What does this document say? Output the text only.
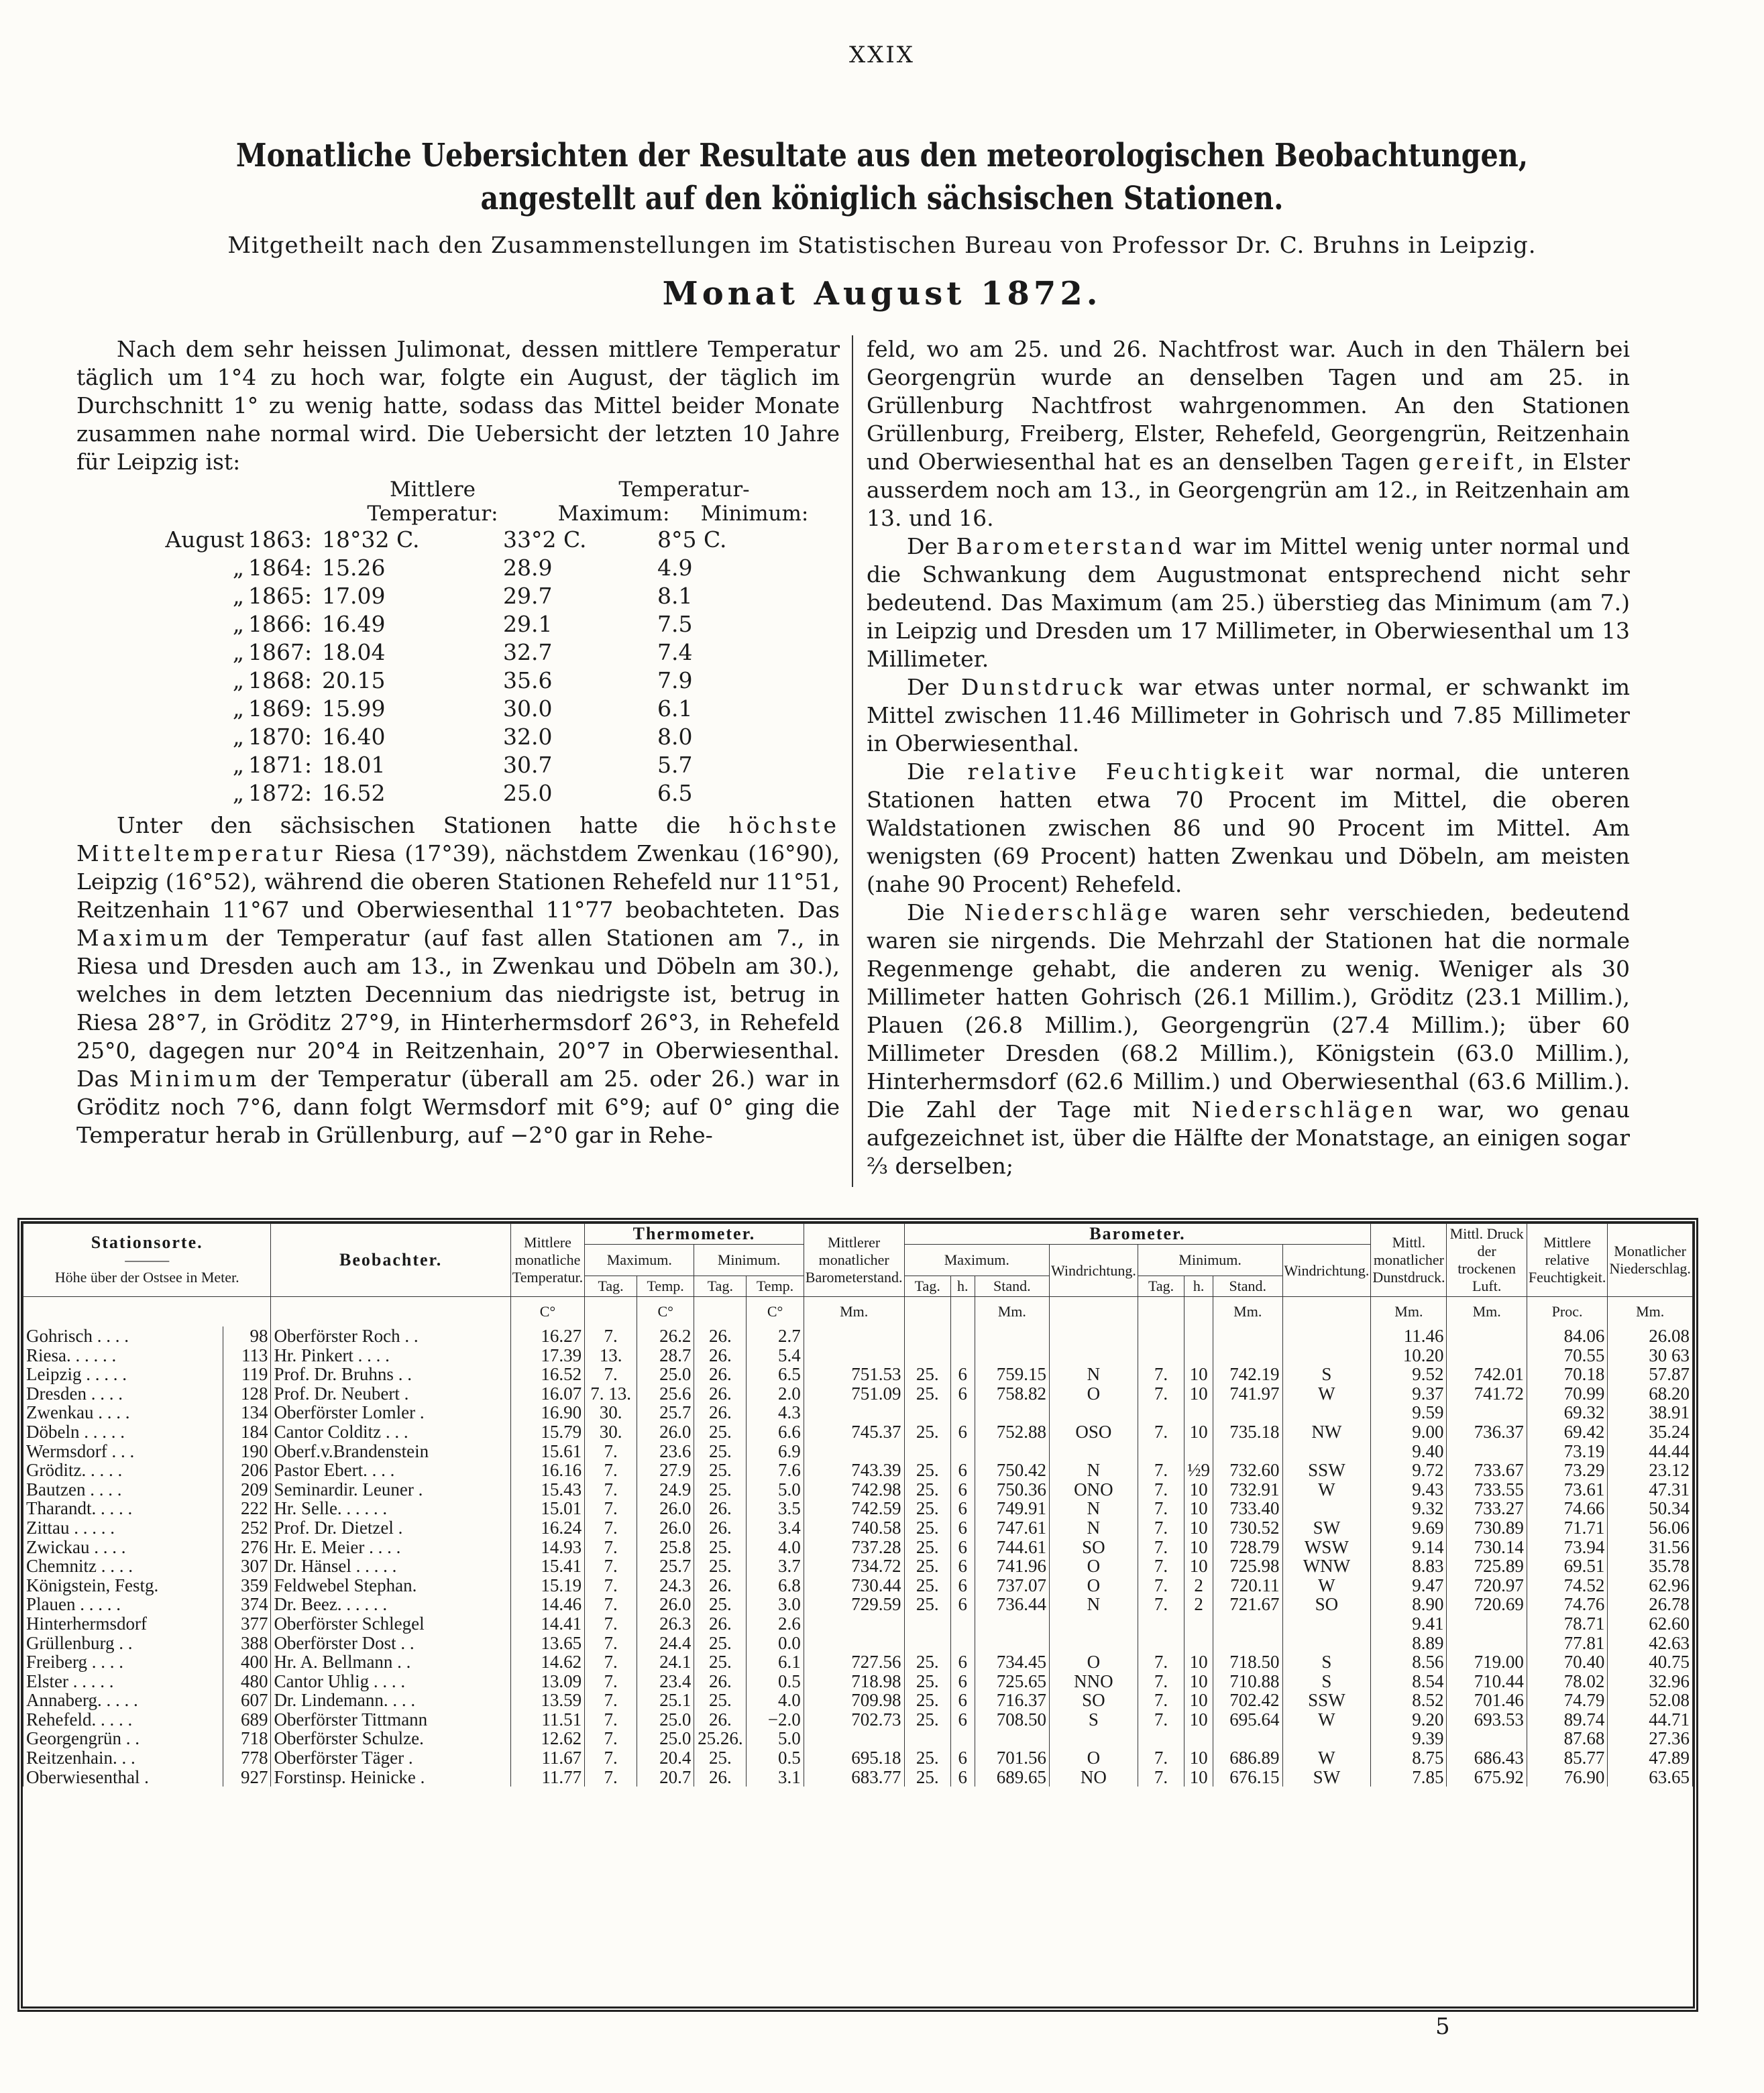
XXIX
Monatliche Uebersichten der Resultate aus den meteorologischen Beobachtungen,
angestellt auf den königlich sächsischen Stationen.
Mitgetheilt nach den Zusammenstellungen im Statistischen Bureau von Professor Dr. C. Bruhns in Leipzig.
Monat August 1872.

Nach dem sehr heissen Julimonat, dessen mittlere Temperatur täglich um 1°4 zu hoch war, folgte ein August, der täglich im Durchschnitt 1° zu wenig hatte, sodass das Mittel beider Monate zusammen nahe normal wird. Die Uebersicht der letzten 10 Jahre für Leipzig ist:

Mittlere	Temperatur-
Temperatur:	Maximum:	Minimum:
August 1863: 18°32 C.	33°2 C.	8°5 C.
„ 1864: 15.26	28.9	4.9
„ 1865: 17.09	29.7	8.1
„ 1866: 16.49	29.1	7.5
„ 1867: 18.04	32.7	7.4
„ 1868: 20.15	35.6	7.9
„ 1869: 15.99	30.0	6.1
„ 1870: 16.40	32.0	8.0
„ 1871: 18.01	30.7	5.7
„ 1872: 16.52	25.0	6.5

Unter den sächsischen Stationen hatte die höchste Mitteltemperatur Riesa (17°39), nächstdem Zwenkau (16°90), Leipzig (16°52), während die oberen Stationen Rehefeld nur 11°51, Reitzenhain 11°67 und Oberwiesenthal 11°77 beobachteten. Das Maximum der Temperatur (auf fast allen Stationen am 7., in Riesa und Dresden auch am 13., in Zwenkau und Döbeln am 30.), welches in dem letzten Decennium das niedrigste ist, betrug in Riesa 28°7, in Gröditz 27°9, in Hinterhermsdorf 26°3, in Rehefeld 25°0, dagegen nur 20°4 in Reitzenhain, 20°7 in Oberwiesenthal. Das Minimum der Temperatur (überall am 25. oder 26.) war in Gröditz noch 7°6, dann folgt Wermsdorf mit 6°9; auf 0° ging die Temperatur herab in Grüllenburg, auf −2°0 gar in Rehe-

feld, wo am 25. und 26. Nachtfrost war. Auch in den Thälern bei Georgengrün wurde an denselben Tagen und am 25. in Grüllenburg Nachtfrost wahrgenommen. An den Stationen Grüllenburg, Freiberg, Elster, Rehefeld, Georgengrün, Reitzenhain und Oberwiesenthal hat es an denselben Tagen gereift, in Elster ausserdem noch am 13., in Georgengrün am 12., in Reitzenhain am 13. und 16.

Der Barometerstand war im Mittel wenig unter normal und die Schwankung dem Augustmonat entsprechend nicht sehr bedeutend. Das Maximum (am 25.) überstieg das Minimum (am 7.) in Leipzig und Dresden um 17 Millimeter, in Oberwiesenthal um 13 Millimeter.

Der Dunstdruck war etwas unter normal, er schwankt im Mittel zwischen 11.46 Millimeter in Gohrisch und 7.85 Millimeter in Oberwiesenthal.

Die relative Feuchtigkeit war normal, die unteren Stationen hatten etwa 70 Procent im Mittel, die oberen Waldstationen zwischen 86 und 90 Procent im Mittel. Am wenigsten (69 Procent) hatten Zwenkau und Döbeln, am meisten (nahe 90 Procent) Rehefeld.

Die Niederschläge waren sehr verschieden, bedeutend waren sie nirgends. Die Mehrzahl der Stationen hat die normale Regenmenge gehabt, die anderen zu wenig. Weniger als 30 Millimeter hatten Gohrisch (26.1 Millim.), Gröditz (23.1 Millim.), Plauen (26.8 Millim.), Georgengrün (27.4 Millim.); über 60 Millimeter Dresden (68.2 Millim.), Königstein (63.0 Millim.), Hinterhermsdorf (62.6 Millim.) und Oberwiesenthal (63.6 Millim.). Die Zahl der Tage mit Niederschlägen war, wo genau aufgezeichnet ist, über die Hälfte der Monatstage, an einigen sogar ⅔ derselben;

Stationsorte.
———
Höhe über der Ostsee in Meter.		Beobachter.	Mittlere monatliche Temperatur.	Thermometer.				Mittlerer monatlicher Barometerstand.	Barometer.								Mittl. monatlicher Dunstdruck.	Mittl. Druck der trockenen Luft.	Mittlere relative Feuchtigkeit.	Monatlicher Niederschlag.
				Maximum.		Minimum.			Maximum.			Windrichtung.	Minimum.			Windrichtung.				
				Tag.	Temp.	Tag.	Temp.		Tag.	h.	Stand.		Tag.	h.	Stand.					
			C°		C°		C°	Mm.			Mm.				Mm.		Mm.	Mm.	Proc.	Mm.
Gohrisch . . . .	98	Oberförster Roch . .	16.27	7.	26.2	26.	2.7										11.46		84.06	26.08
Riesa. . . . . .	113	Hr. Pinkert . . . .	17.39	13.	28.7	26.	5.4										10.20		70.55	30 63
Leipzig . . . . .	119	Prof. Dr. Bruhns . .	16.52	7.	25.0	26.	6.5	751.53	25.	6	759.15	N	7.	10	742.19	S	9.52	742.01	70.18	57.87
Dresden . . . .	128	Prof. Dr. Neubert .	16.07	7. 13.	25.6	26.	2.0	751.09	25.	6	758.82	O	7.	10	741.97	W	9.37	741.72	70.99	68.20
Zwenkau . . . .	134	Oberförster Lomler .	16.90	30.	25.7	26.	4.3										9.59		69.32	38.91
Döbeln . . . . .	184	Cantor Colditz . . .	15.79	30.	26.0	25.	6.6	745.37	25.	6	752.88	OSO	7.	10	735.18	NW	9.00	736.37	69.42	35.24
Wermsdorf . . .	190	Oberf.v.Brandenstein	15.61	7.	23.6	25.	6.9										9.40		73.19	44.44
Gröditz. . . . .	206	Pastor Ebert. . . .	16.16	7.	27.9	25.	7.6	743.39	25.	6	750.42	N	7.	½9	732.60	SSW	9.72	733.67	73.29	23.12
Bautzen . . . .	209	Seminardir. Leuner .	15.43	7.	24.9	25.	5.0	742.98	25.	6	750.36	ONO	7.	10	732.91	W	9.43	733.55	73.61	47.31
Tharandt. . . . .	222	Hr. Selle. . . . . .	15.01	7.	26.0	26.	3.5	742.59	25.	6	749.91	N	7.	10	733.40		9.32	733.27	74.66	50.34
Zittau . . . . .	252	Prof. Dr. Dietzel .	16.24	7.	26.0	26.	3.4	740.58	25.	6	747.61	N	7.	10	730.52	SW	9.69	730.89	71.71	56.06
Zwickau . . . .	276	Hr. E. Meier . . . .	14.93	7.	25.8	25.	4.0	737.28	25.	6	744.61	SO	7.	10	728.79	WSW	9.14	730.14	73.94	31.56
Chemnitz . . . .	307	Dr. Hänsel . . . . .	15.41	7.	25.7	25.	3.7	734.72	25.	6	741.96	O	7.	10	725.98	WNW	8.83	725.89	69.51	35.78
Königstein, Festg.	359	Feldwebel Stephan.	15.19	7.	24.3	26.	6.8	730.44	25.	6	737.07	O	7.	2	720.11	W	9.47	720.97	74.52	62.96
Plauen . . . . .	374	Dr. Beez. . . . . .	14.46	7.	26.0	25.	3.0	729.59	25.	6	736.44	N	7.	2	721.67	SO	8.90	720.69	74.76	26.78
Hinterhermsdorf	377	Oberförster Schlegel	14.41	7.	26.3	26.	2.6										9.41		78.71	62.60
Grüllenburg . .	388	Oberförster Dost . .	13.65	7.	24.4	25.	0.0										8.89		77.81	42.63
Freiberg . . . .	400	Hr. A. Bellmann . .	14.62	7.	24.1	25.	6.1	727.56	25.	6	734.45	O	7.	10	718.50	S	8.56	719.00	70.40	40.75
Elster . . . . .	480	Cantor Uhlig . . . .	13.09	7.	23.4	26.	0.5	718.98	25.	6	725.65	NNO	7.	10	710.88	S	8.54	710.44	78.02	32.96
Annaberg. . . . .	607	Dr. Lindemann. . . .	13.59	7.	25.1	25.	4.0	709.98	25.	6	716.37	SO	7.	10	702.42	SSW	8.52	701.46	74.79	52.08
Rehefeld. . . . .	689	Oberförster Tittmann	11.51	7.	25.0	26.	−2.0	702.73	25.	6	708.50	S	7.	10	695.64	W	9.20	693.53	89.74	44.71
Georgengrün . .	718	Oberförster Schulze.	12.62	7.	25.0	25.26.	5.0										9.39		87.68	27.36
Reitzenhain. . .	778	Oberförster Täger .	11.67	7.	20.4	25.	0.5	695.18	25.	6	701.56	O	7.	10	686.89	W	8.75	686.43	85.77	47.89
Oberwiesenthal .	927	Forstinsp. Heinicke .	11.77	7.	20.7	26.	3.1	683.77	25.	6	689.65	NO	7.	10	676.15	SW	7.85	675.92	76.90	63.65
5
